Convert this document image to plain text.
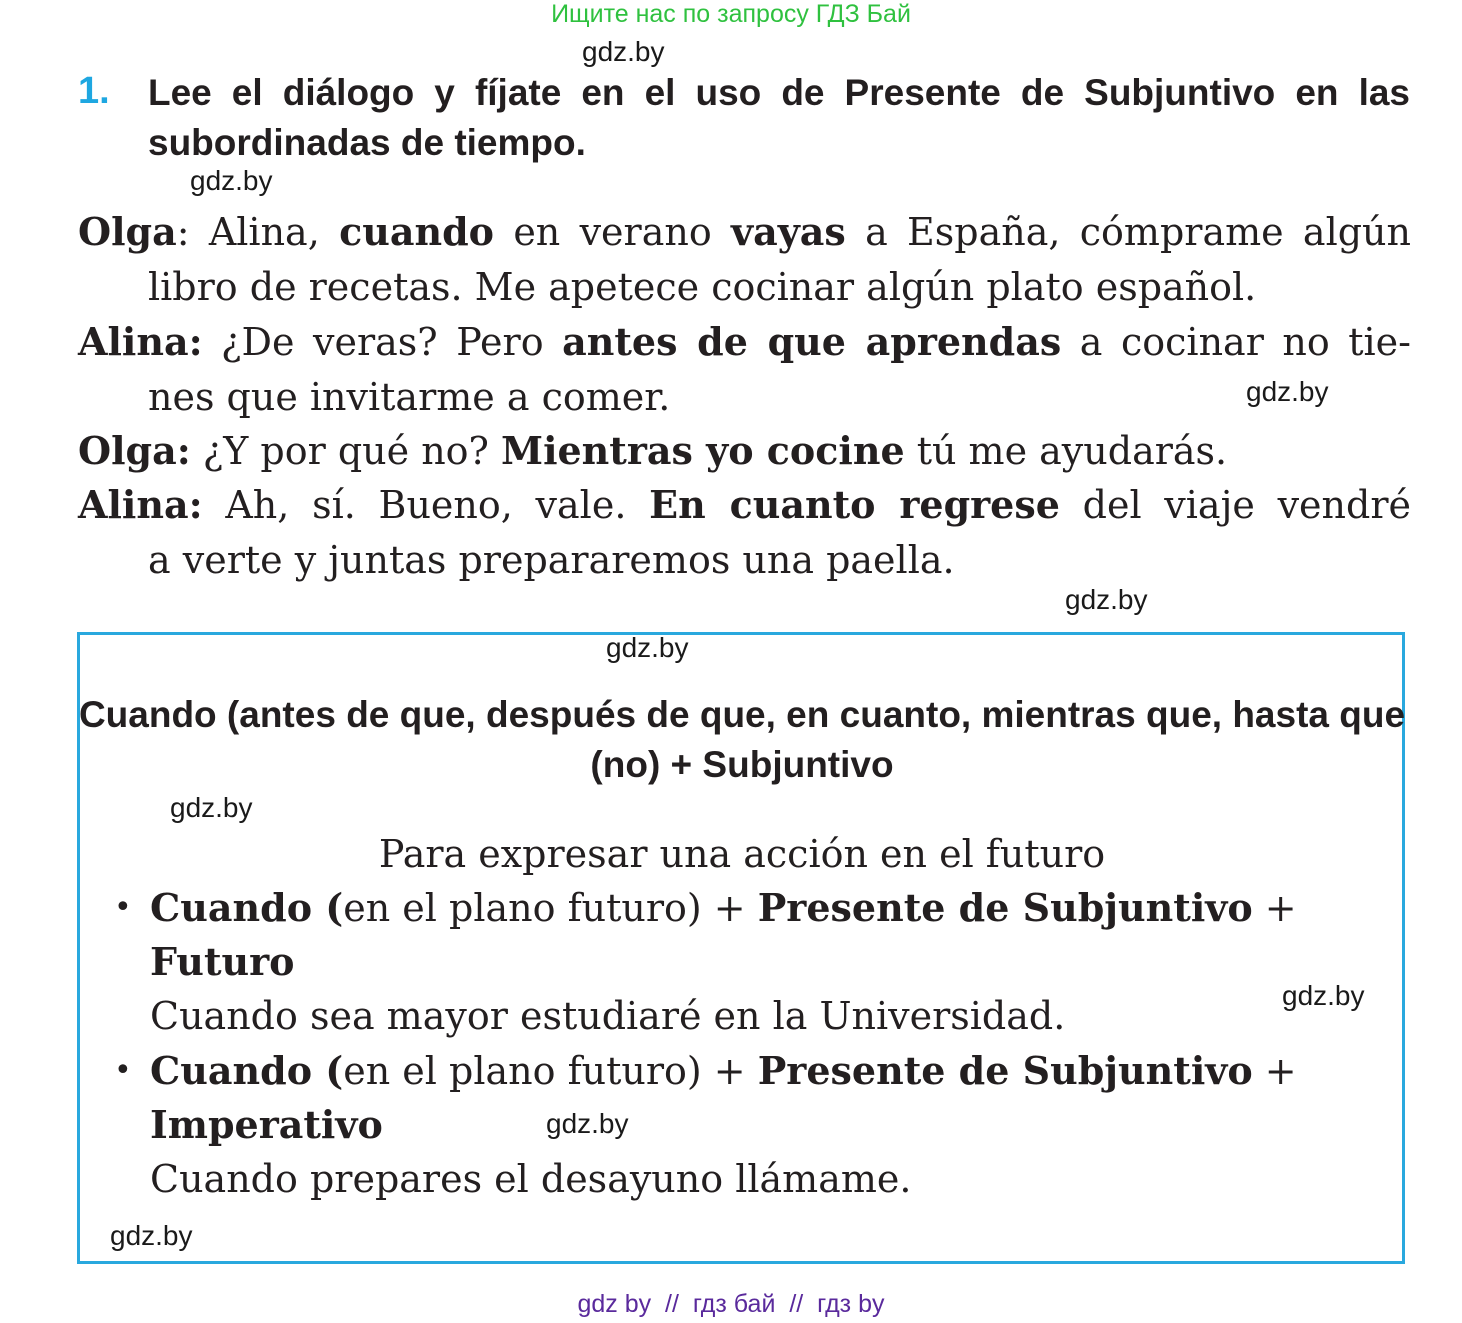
Ищите нас по запросу ГДЗ Бай
gdz.by
gdz.by
gdz.by
gdz.by
gdz.by
gdz.by
gdz.by
gdz.by
gdz.by
1. Lee el diálogo y fíjate en el uso de Presente de Subjuntivo en las subordinadas de tiempo.
Olga: Alina, cuando en verano vayas a España, cómprame algún
libro de recetas. Me apetece cocinar algún plato español.
Alina: ¿De veras? Pero antes de que aprendas a cocinar no tie-
nes que invitarme a comer.
Olga: ¿Y por qué no? Mientras yo cocine tú me ayudarás.
Alina: Ah, sí. Bueno, vale. En cuanto regrese del viaje vendré
a verte y juntas prepararemos una paella.
Cuando (antes de que, después de que, en cuanto, mientras que, hasta que (no) + Subjuntivo
Para expresar una acción en el futuro
• Cuando (en el plano futuro) + Presente de Subjuntivo +
Futuro
Cuando sea mayor estudiaré en la Universidad.
• Cuando (en el plano futuro) + Presente de Subjuntivo +
Imperativo
Cuando prepares el desayuno llámame.
gdz by  //  гдз бай  //  гдз by
